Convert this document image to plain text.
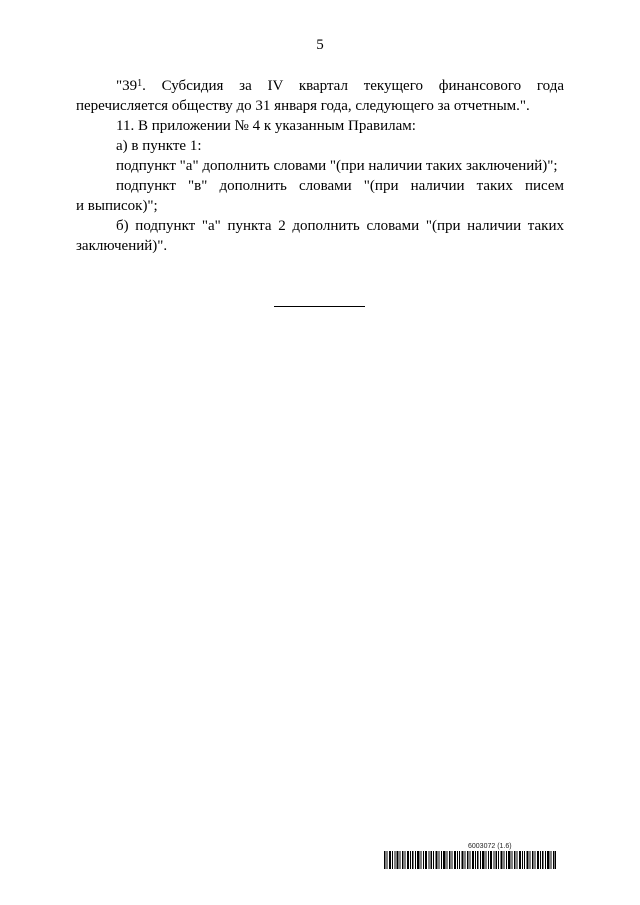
5
"$39^1$. Субсидия за IV квартал текущего финансового года
перечисляется обществу до 31 января года, следующего за отчетным.".
11. В приложении № 4 к указанным Правилам:
а) в пункте 1:
подпункт "а" дополнить словами "(при наличии таких заключений)";
подпункт "в" дополнить словами "(при наличии таких писем
и выписок)";
б) подпункт "а" пункта 2 дополнить словами "(при наличии таких
заключений)".
6003072 (1.6)
